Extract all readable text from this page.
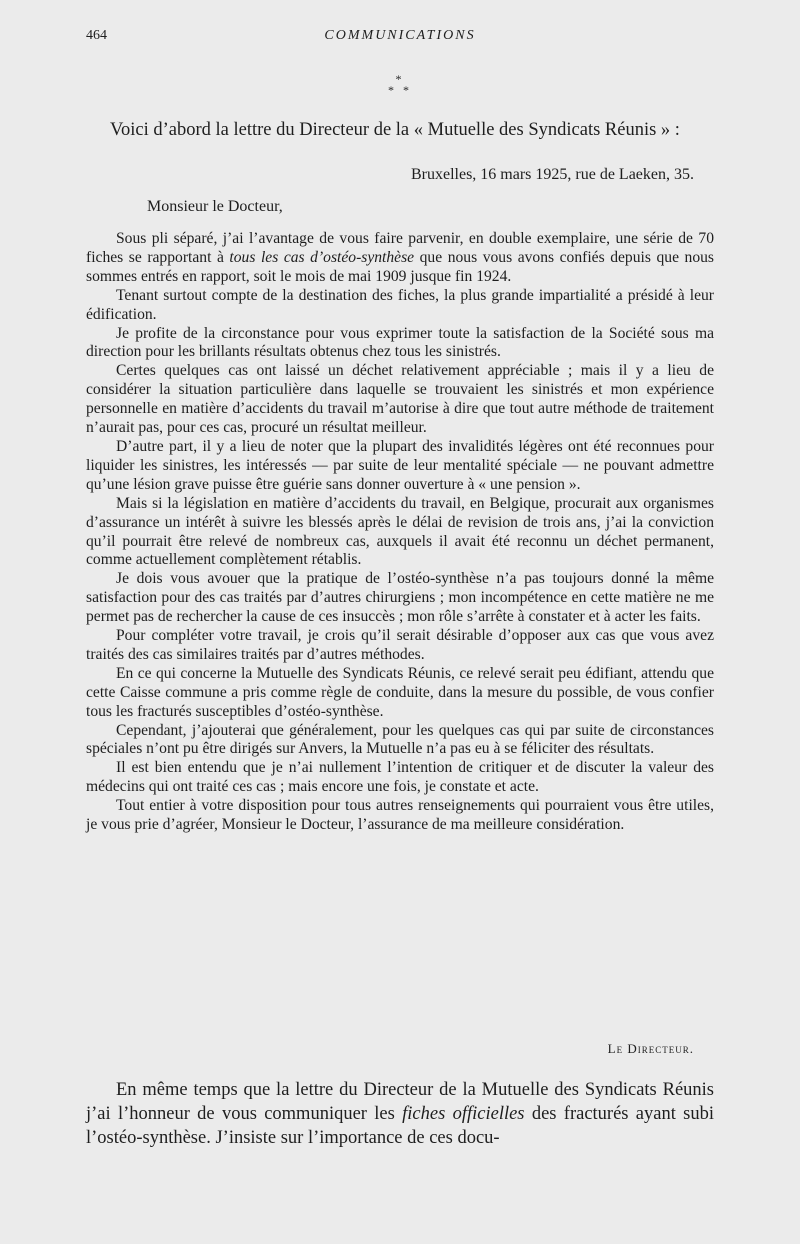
464	COMMUNICATIONS
*
* *

Voici d’abord la lettre du Directeur de la « Mutuelle des Syndicats Réunis » :

Bruxelles, 16 mars 1925, rue de Laeken, 35.

Monsieur le Docteur,

Sous pli séparé, j’ai l’avantage de vous faire parvenir, en double exemplaire, une série de 70 fiches se rapportant à tous les cas d’ostéo-synthèse que nous vous avons confiés depuis que nous sommes entrés en rapport, soit le mois de mai 1909 jusque fin 1924.

Tenant surtout compte de la destination des fiches, la plus grande impartialité a présidé à leur édification.

Je profite de la circonstance pour vous exprimer toute la satisfaction de la Société sous ma direction pour les brillants résultats obtenus chez tous les sinistrés.

Certes quelques cas ont laissé un déchet relativement appréciable ; mais il y a lieu de considérer la situation particulière dans laquelle se trouvaient les sinistrés et mon expérience personnelle en matière d’accidents du travail m’autorise à dire que tout autre méthode de traitement n’aurait pas, pour ces cas, procuré un résultat meilleur.

D’autre part, il y a lieu de noter que la plupart des invalidités légères ont été reconnues pour liquider les sinistres, les intéressés — par suite de leur mentalité spéciale — ne pouvant admettre qu’une lésion grave puisse être guérie sans donner ouverture à « une pension ».

Mais si la législation en matière d’accidents du travail, en Belgique, procurait aux organismes d’assurance un intérêt à suivre les blessés après le délai de revision de trois ans, j’ai la conviction qu’il pourrait être relevé de nombreux cas, auxquels il avait été reconnu un déchet permanent, comme actuellement complètement rétablis.

Je dois vous avouer que la pratique de l’ostéo-synthèse n’a pas toujours donné la même satisfaction pour des cas traités par d’autres chirurgiens ; mon incompétence en cette matière ne me permet pas de rechercher la cause de ces insuccès ; mon rôle s’arrête à constater et à acter les faits.

Pour compléter votre travail, je crois qu’il serait désirable d’opposer aux cas que vous avez traités des cas similaires traités par d’autres méthodes.

En ce qui concerne la Mutuelle des Syndicats Réunis, ce relevé serait peu édifiant, attendu que cette Caisse commune a pris comme règle de conduite, dans la mesure du possible, de vous confier tous les fracturés susceptibles d’ostéo-synthèse.

Cependant, j’ajouterai que généralement, pour les quelques cas qui par suite de circonstances spéciales n’ont pu être dirigés sur Anvers, la Mutuelle n’a pas eu à se féliciter des résultats.

Il est bien entendu que je n’ai nullement l’intention de critiquer et de discuter la valeur des médecins qui ont traité ces cas ; mais encore une fois, je constate et acte.

Tout entier à votre disposition pour tous autres renseignements qui pourraient vous être utiles, je vous prie d’agréer, Monsieur le Docteur, l’assurance de ma meilleure considération.

Le Directeur.

En même temps que la lettre du Directeur de la Mutuelle des Syndicats Réunis j’ai l’honneur de vous communiquer les fiches officielles des fracturés ayant subi l’ostéo-synthèse. J’insiste sur l’importance de ces docu-
